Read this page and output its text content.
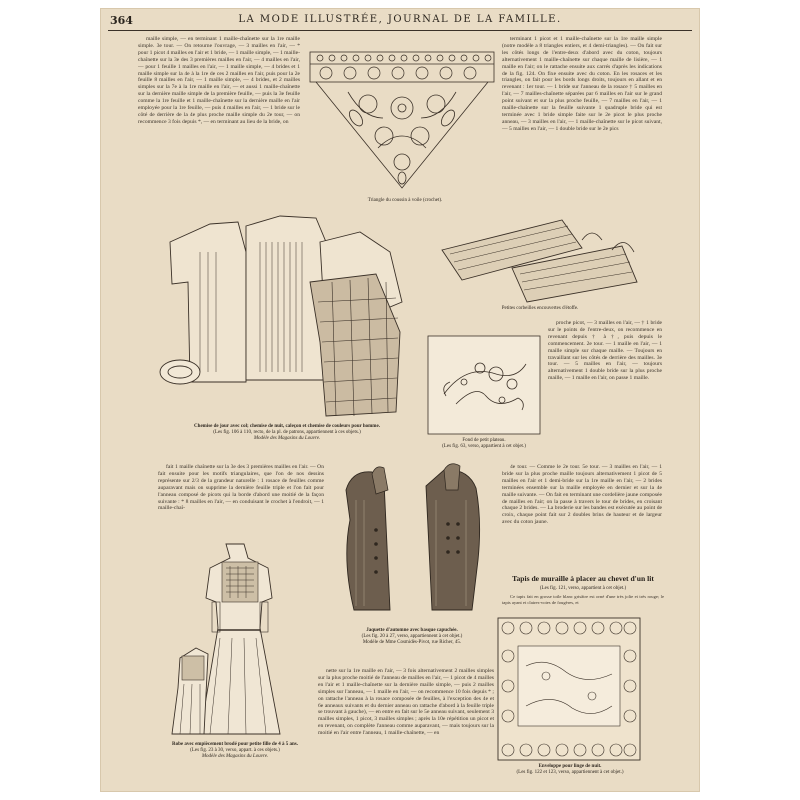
364	LA MODE ILLUSTRÉE, JOURNAL DE LA FAMILLE.

maille simple, — en terminant 1 maille-chaînette sur la 1re maille simple. 3e tour. — On retourne l'ouvrage, — 3 mailles en l'air, — * pour 1 picot 4 mailles en l'air et 1 bride, — 1 maille simple, — 1 maille-chaînette sur la 3e des 3 premières mailles en l'air, — 4 mailles en l'air, — pour 1 feuille 1 mailles en l'air, — 1 maille simple, — 4 brides et 1 maille simple sur la 4e à la 1re de ces 2 mailles en l'air, puis pour la 2e feuille 8 mailles en l'air, — 1 maille simple, — 4 brides, et 2 mailles simples sur la 7e à la 1re maille en l'air, — et aussi 1 maille-chaînette sur la dernière maille simple de la première feuille, — puis la 3e feuille comme la 1re feuille et 1 maille-chaînette sur la dernière maille en l'air employée pour la 1re feuille, — puis 4 mailles en l'air, — 1 bride sur le côté de derrière de la 4e plus proche maille simple du 2e tour, — on recommence 3 fois depuis *, — en terminant au lieu de la bride, on

terminant 1 picot et 1 maille-chaînette sur la 1re maille simple (notre modèle a 8 triangles entiers, et 4 demi-triangles). — On fait sur les côtés longs de l'entre-deux d'abord avec du coton, toujours alternativement 1 maille-chaînette sur chaque maille de lisière, — 1 maille en l'air; on le rattache ensuite aux carrés d'après les indications de la fig. 124. On fixe ensuite avec du coton. En les rosaces et les triangles, on fait pour les bords longs droits, toujours en allant et en revenant : 1er tour. — 1 bride sur l'anneau de la rosace † 5 mailles en l'air, — 7 mailles-chaînette séparées par 6 mailles en l'air sur le grand point suivant et sur la plus proche feuille, — 7 mailles en l'air, — 1 maille-chaînette sur la feuille suivante 1 quadruple bride qui est terminée avec 1 bride simple faite sur le 2e picot le plus proche anneau, — 3 mailles en l'air, — 1 maille-chaînette sur le picot suivant, — 5 mailles en l'air, — 1 double bride sur le 2e pics

Triangle du coussin à voile (crochet).
Chemise de jour avec col; chemise de nuit, caleçon et chemise de couleurs pour homme.
(Les fig. 106 à 110, recto, de la pl. de patrons, appartiennent à ces objets.)
Modèle des Magasins du Louvre.
Petites corbeilles encouvertes d'étoffe.
Fond de petit plateau.
(Les fig. 63, verso, appartient à cet objet.)

proche picot, — 3 mailles en l'air, — † 1 bride sur le points de l'entre-deux, on recommence en revenant depuis † à †, puis depuis le commencement. 2e tour. — 1 maille en l'air, — 1 maille simple sur chaque maille. — Toujours en travaillant sur les côtés de derrière des mailles. 3e tour. — 5 mailles en l'air, — toujours alternativement 1 double bride sur la plus proche maille, — 1 maille en l'air, on passe 1 maille.

4e tour. — Comme le 2e tour. 5e tour. — 3 mailles en l'air, — 1 bride sur la plus proche maille toujours alternativement 1 picot de 5 mailles en l'air et 1 demi-bride sur la 1re maille en l'air, — 2 brides terminées ensemble sur la maille employée en dernier et sur la 4e maille suivante. — On fait en terminant une cordelière jaune composée de mailles en l'air; on la passe à travers le tour de brides, en croisant chaque 2 brides. — La broderie sur les bandes est exécutée au point de croix, chaque point fait sur 2 doubles brins de hauteur et de largeur avec du coton jaune.

fait 1 maille chaînette sur la 3e des 3 premières mailles en l'air. — On fait ensuite pour les motifs triangulaires, que l'on de nos dessins représente sur 2/3 de la grandeur naturelle : 1 rosace de feuilles comme auparavant mais on supprime la dernière feuille triple et l'on fait pour l'anneau composé de picots qui la borde d'abord une moitié de la façon suivante : * 8 mailles en l'air, — en conduisant le crochet à l'endroit, — 1 maille-chaî-

Jaquette d'automne avec basque capuchée.
(Les fig. 20 à 27, verso, appartiennent à cet objet.)
Modèle de Mme Cosmidès-Pivot, rue Richer, 45.
Robe avec empiècement brodé pour petite fille de 4 à 5 ans.
(Les fig. 23 à 30, verso, appart. à ces objets.)
Modèle des Magasins du Louvre.

nette sur la 1re maille en l'air, — 3 fois alternativement 2 mailles simples sur la plus proche moitié de l'anneau de mailles en l'air, — 1 picot de 4 mailles en l'air et 1 maille-chaînette sur la dernière maille simple, — puis 2 mailles simples sur l'anneau, — 1 maille en l'air, — on recommence 10 fois depuis * ; on rattache l'anneau à la rosace composée de feuilles, à l'exception des 4e et 6e anneaux suivants et du dernier anneau on rattache d'abord à la feuille triple se trouvant à gauche), — en entre en fait sur le 5e anneau suivant, seulement 3 mailles simples, 1 picot, 3 mailles simples ; après la 10e répétition un picot et en revenant, on complète l'anneau comme auparavant, — mais toujours sur la moitié en l'air entre l'anneau, 1 maille-chaînette, — en

Tapis de muraille à placer au chevet d'un lit
(Les fig. 121, verso, appartient à cet objet.)

Ce tapis fait en grosse toile blanc grisâtre est orné d'une très jolie et très rouge; le tapis ayant et claires-voies de fougères, et

Enveloppe pour linge de nuit.
(Les fig. 122 et 123, verso, appartiennent à cet objet.)
